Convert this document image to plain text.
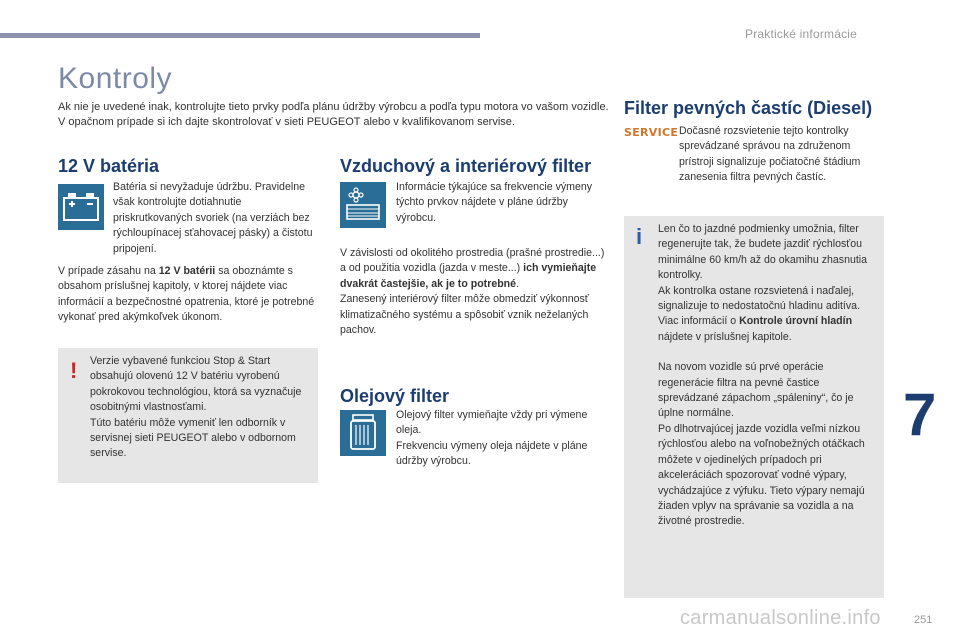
Praktické informácie
7
251
Kontroly
Ak nie je uvedené inak, kontrolujte tieto prvky podľa plánu údržby výrobcu a podľa typu motora vo vašom vozidle.
V opačnom prípade si ich dajte skontrolovať v sieti PEUGEOT alebo v kvalifikovanom servise.
12 V batéria
Batéria si nevyžaduje údržbu. Pravidelne však kontrolujte dotiahnutie priskrutkovaných svoriek (na verziách bez rýchloupínacej sťahovacej pásky) a čistotu pripojení.
V prípade zásahu na 12 V batérii sa oboznámte s obsahom príslušnej kapitoly, v ktorej nájdete viac informácií a bezpečnostné opatrenia, ktoré je potrebné vykonať pred akýmkoľvek úkonom.
! Verzie vybavené funkciou Stop & Start obsahujú olovenú 12 V batériu vyrobenú pokrokovou technológiou, ktorá sa vyznačuje osobitnými vlastnosťami.
Túto batériu môže vymeniť len odborník v servisnej sieti PEUGEOT alebo v odbornom servise.
Vzduchový a interiérový filter
Informácie týkajúce sa frekvencie výmeny týchto prvkov nájdete v pláne údržby výrobcu.
V závislosti od okolitého prostredia (prašné prostredie...) a od použitia vozidla (jazda v meste...) ich vymieňajte dvakrát častejšie, ak je to potrebné.
Zanesený interiérový filter môže obmedziť výkonnosť klimatizačného systému a spôsobiť vznik neželaných pachov.
Olejový filter
Olejový filter vymieňajte vždy pri výmene oleja.
Frekvenciu výmeny oleja nájdete v pláne údržby výrobcu.
Filter pevných častíc (Diesel)
SERVICE Dočasné rozsvietenie tejto kontrolky sprevádzané správou na združenom prístroji signalizuje počiatočné štádium zanesenia filtra pevných častíc.
i Len čo to jazdné podmienky umožnia, filter regenerujte tak, že budete jazdiť rýchlosťou minimálne 60 km/h až do okamihu zhasnutia kontrolky.
Ak kontrolka ostane rozsvietená i naďalej, signalizuje to nedostatočnú hladinu aditíva.
Viac informácií o Kontrole úrovní hladín nájdete v príslušnej kapitole.
Na novom vozidle sú prvé operácie regenerácie filtra na pevné častice sprevádzané zápachom „spáleniny“, čo je úplne normálne.
Po dlhotrvajúcej jazde vozidla veľmi nízkou rýchlosťou alebo na voľnobežných otáčkach môžete v ojedinelých prípadoch pri akceleráciách spozorovať vodné výpary, vychádzajúce z výfuku. Tieto výpary nemajú žiaden vplyv na správanie sa vozidla a na životné prostredie.
carmanualsonline.info
